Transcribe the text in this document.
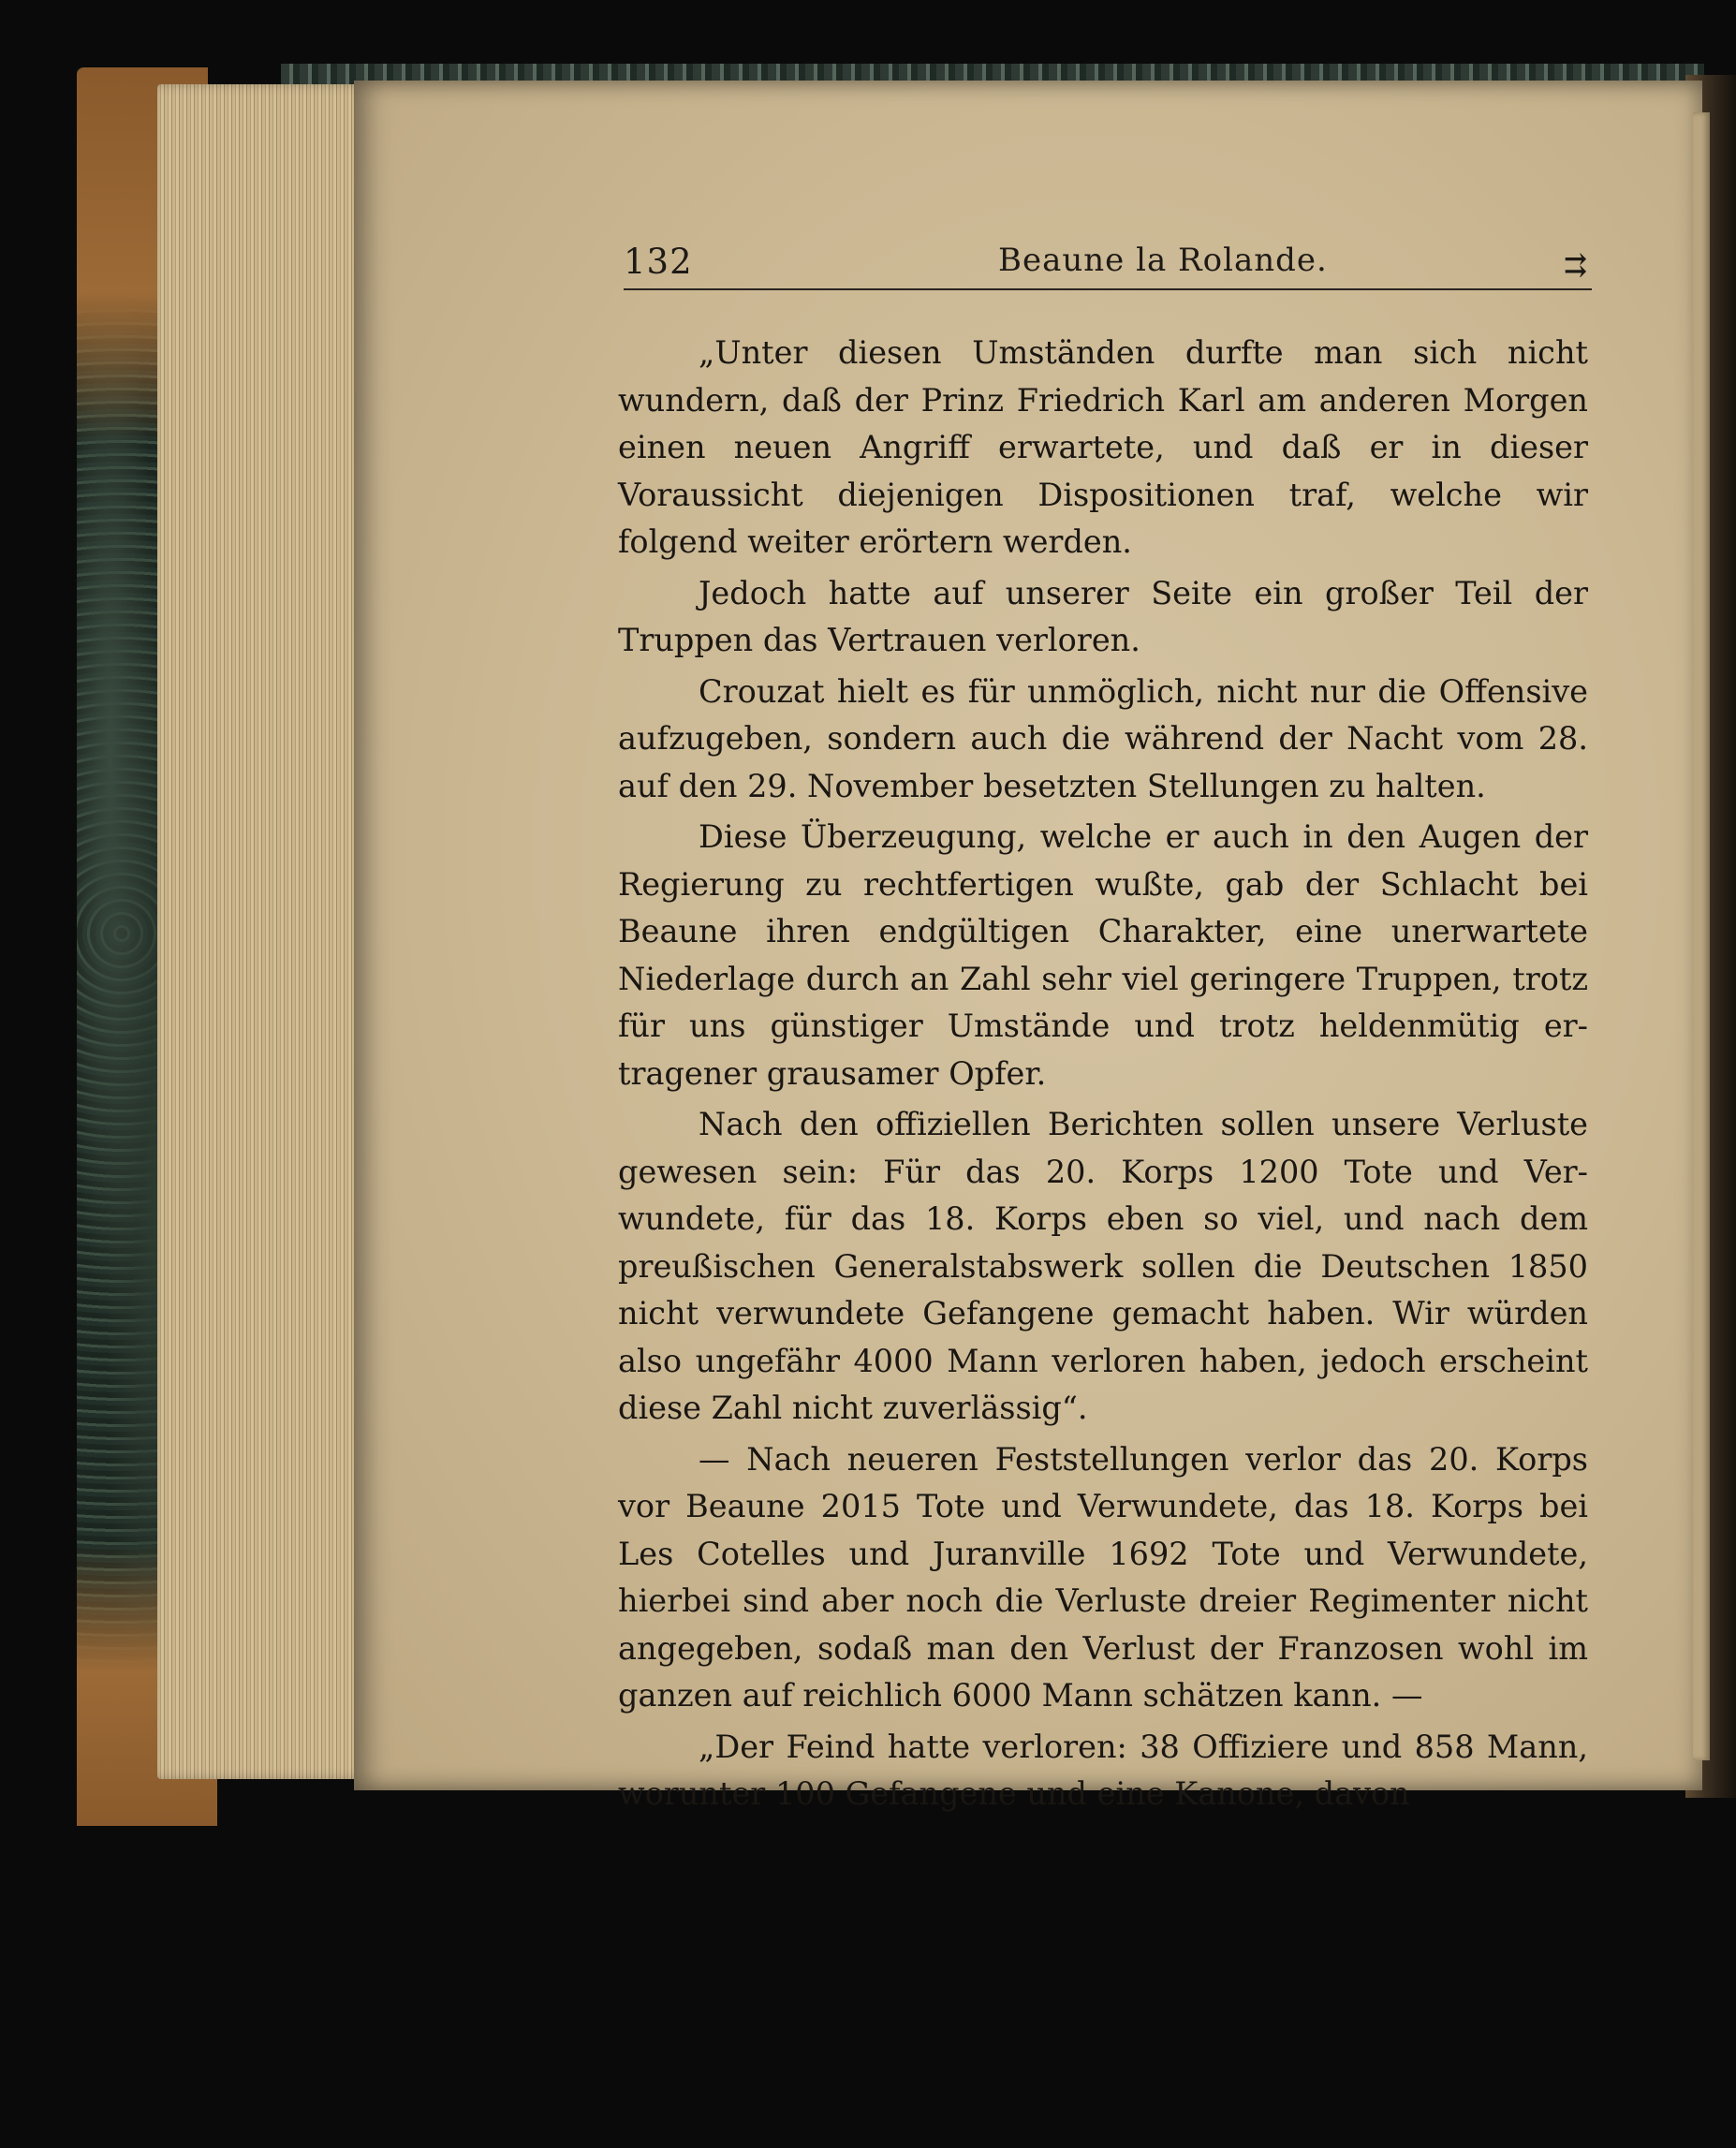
132	Beaune la Rolande.	⇉

„Unter diesen Umständen durfte man sich nicht wundern, daß der Prinz Friedrich Karl am anderen Morgen einen neuen Angriff erwartete, und daß er in dieser Voraussicht diejenigen Dispositionen traf, welche wir folgend weiter erörtern werden.

Jedoch hatte auf unserer Seite ein großer Teil der Truppen das Vertrauen verloren.

Crouzat hielt es für unmöglich, nicht nur die Offensive aufzugeben, sondern auch die während der Nacht vom 28. auf den 29. November besetzten Stellungen zu halten.

Diese Überzeugung, welche er auch in den Augen der Regierung zu rechtfertigen wußte, gab der Schlacht bei Beaune ihren endgültigen Charakter, eine unerwartete Niederlage durch an Zahl sehr viel geringere Truppen, trotz für uns günstiger Umstände und trotz heldenmütig er-tragener grausamer Opfer.

Nach den offiziellen Berichten sollen unsere Verluste gewesen sein: Für das 20. Korps 1200 Tote und Ver-wundete, für das 18. Korps eben so viel, und nach dem preußischen Generalstabswerk sollen die Deutschen 1850 nicht verwundete Gefangene gemacht haben. Wir würden also ungefähr 4000 Mann verloren haben, jedoch erscheint diese Zahl nicht zuverlässig“.

— Nach neueren Feststellungen verlor das 20. Korps vor Beaune 2015 Tote und Verwundete, das 18. Korps bei Les Cotelles und Juranville 1692 Tote und Verwundete, hierbei sind aber noch die Verluste dreier Regimenter nicht angegeben, sodaß man den Verlust der Franzosen wohl im ganzen auf reichlich 6000 Mann schätzen kann. —

„Der Feind hatte verloren: 38 Offiziere und 858 Mann, worunter 100 Gefangene und eine Kanone, davon
